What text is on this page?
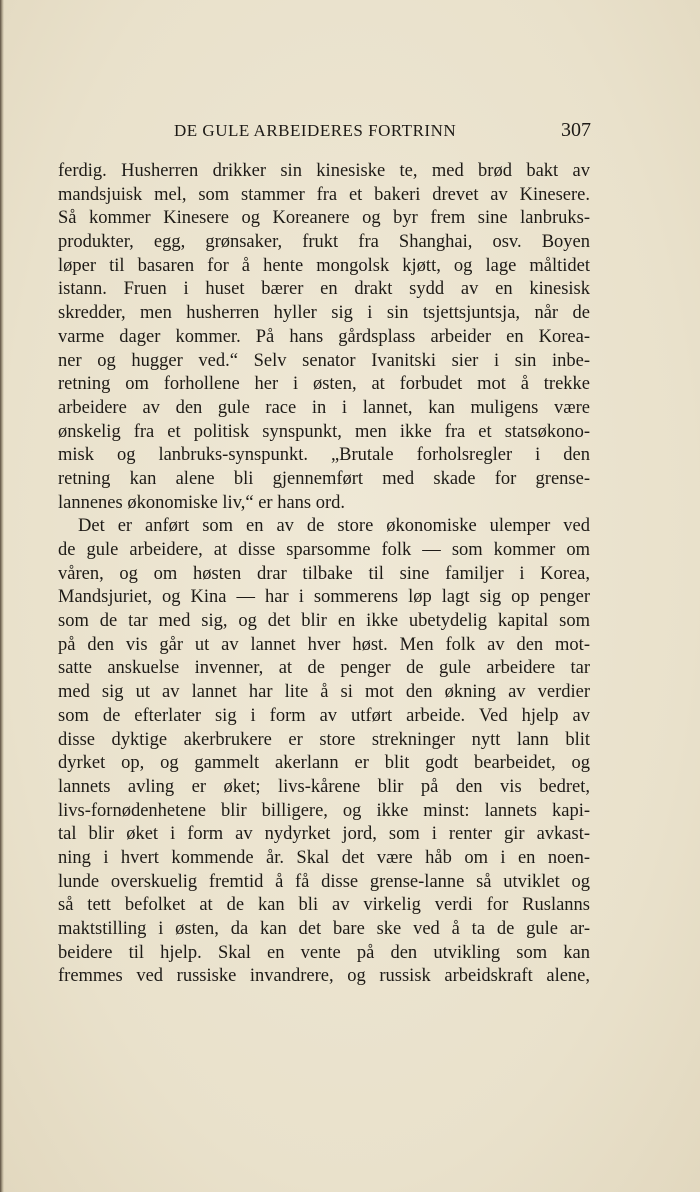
DE GULE ARBEIDERES FORTRINN	307
ferdig. Husherren drikker sin kinesiske te, med brød bakt av
mandsjuisk mel, som stammer fra et bakeri drevet av Kinesere.
Så kommer Kinesere og Koreanere og byr frem sine lanbruks-
produkter, egg, grønsaker, frukt fra Shanghai, osv. Boyen
løper til basaren for å hente mongolsk kjøtt, og lage måltidet
istann. Fruen i huset bærer en drakt sydd av en kinesisk
skredder, men husherren hyller sig i sin tsjettsjuntsja, når de
varme dager kommer. På hans gårdsplass arbeider en Korea-
ner og hugger ved.“ Selv senator Ivanitski sier i sin inbe-
retning om forhollene her i østen, at forbudet mot å trekke
arbeidere av den gule race in i lannet, kan muligens være
ønskelig fra et politisk synspunkt, men ikke fra et statsøkono-
misk og lanbruks-synspunkt. „Brutale forholsregler i den
retning kan alene bli gjennemført med skade for grense-
lannenes økonomiske liv,“ er hans ord.
Det er anført som en av de store økonomiske ulemper ved
de gule arbeidere, at disse sparsomme folk — som kommer om
våren, og om høsten drar tilbake til sine familjer i Korea,
Mandsjuriet, og Kina — har i sommerens løp lagt sig op penger
som de tar med sig, og det blir en ikke ubetydelig kapital som
på den vis går ut av lannet hver høst. Men folk av den mot-
satte anskuelse invenner, at de penger de gule arbeidere tar
med sig ut av lannet har lite å si mot den økning av verdier
som de efterlater sig i form av utført arbeide. Ved hjelp av
disse dyktige akerbrukere er store strekninger nytt lann blit
dyrket op, og gammelt akerlann er blit godt bearbeidet, og
lannets avling er øket; livs-kårene blir på den vis bedret,
livs-fornødenhetene blir billigere, og ikke minst: lannets kapi-
tal blir øket i form av nydyrket jord, som i renter gir avkast-
ning i hvert kommende år. Skal det være håb om i en noen-
lunde overskuelig fremtid å få disse grense-lanne så utviklet og
så tett befolket at de kan bli av virkelig verdi for Ruslanns
maktstilling i østen, da kan det bare ske ved å ta de gule ar-
beidere til hjelp. Skal en vente på den utvikling som kan
fremmes ved russiske invandrere, og russisk arbeidskraft alene,
